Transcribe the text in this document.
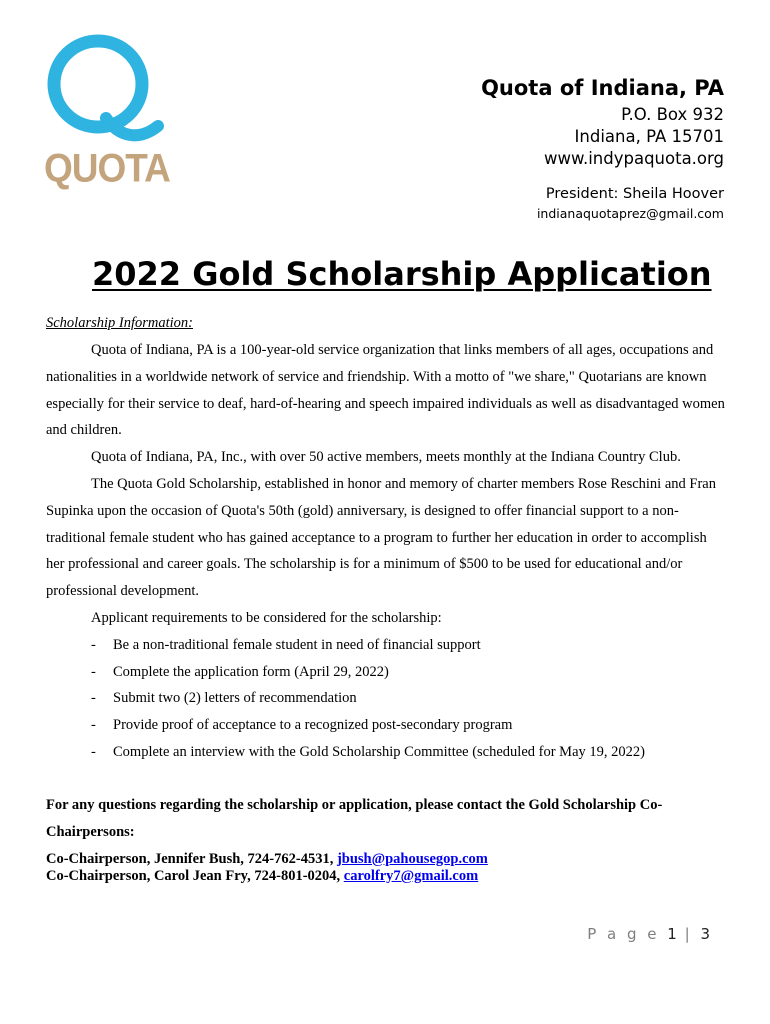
QUOTA
Quota of Indiana, PA
P.O. Box 932
Indiana, PA 15701
www.indypaquota.org
President: Sheila Hoover
indianaquotaprez@gmail.com
2022 Gold Scholarship Application
Scholarship Information:

Quota of Indiana, PA is a 100-year-old service organization that links members of all ages, occupations and nationalities in a worldwide network of service and friendship. With a motto of "we share," Quotarians are known especially for their service to deaf, hard-of-hearing and speech impaired individuals as well as disadvantaged women and children.

Quota of Indiana, PA, Inc., with over 50 active members, meets monthly at the Indiana Country Club.

The Quota Gold Scholarship, established in honor and memory of charter members Rose Reschini and Fran Supinka upon the occasion of Quota's 50th (gold) anniversary, is designed to offer financial support to a non-traditional female student who has gained acceptance to a program to further her education in order to accomplish her professional and career goals. The scholarship is for a minimum of $500 to be used for educational and/or professional development.

Applicant requirements to be considered for the scholarship:

- Be a non-traditional female student in need of financial support
- Complete the application form (April 29, 2022)
- Submit two (2) letters of recommendation
- Provide proof of acceptance to a recognized post-secondary program
- Complete an interview with the Gold Scholarship Committee (scheduled for May 19, 2022)
For any questions regarding the scholarship or application, please contact the Gold Scholarship Co-Chairpersons:
Co-Chairperson, Jennifer Bush, 724-762-4531, jbush@pahousegop.com
Co-Chairperson, Carol Jean Fry, 724-801-0204, carolfry7@gmail.com
P a g e 1 | 3
